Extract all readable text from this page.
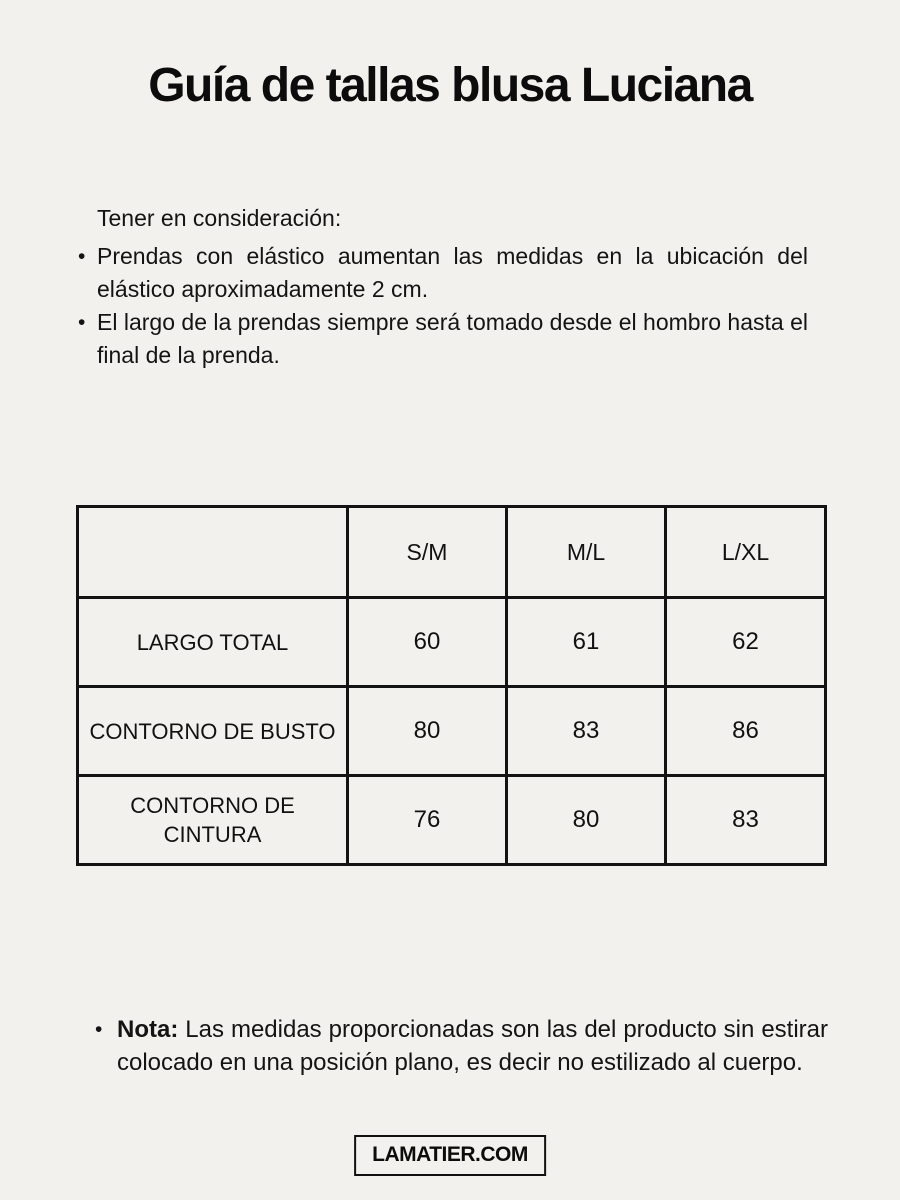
Guía de tallas blusa Luciana
Tener en consideración:
• Prendas con elástico aumentan las medidas en la ubicación del elástico aproximadamente 2 cm.
• El largo de la prendas siempre será tomado desde el hombro hasta el final de la prenda.
	S/M	M/L	L/XL
LARGO TOTAL	60	61	62
CONTORNO DE BUSTO	80	83	86
CONTORNO DE CINTURA	76	80	83
• Nota: Las medidas proporcionadas son las del producto sin estirar colocado en una posición plano, es decir no estilizado al cuerpo.
LAMATIER.COM
